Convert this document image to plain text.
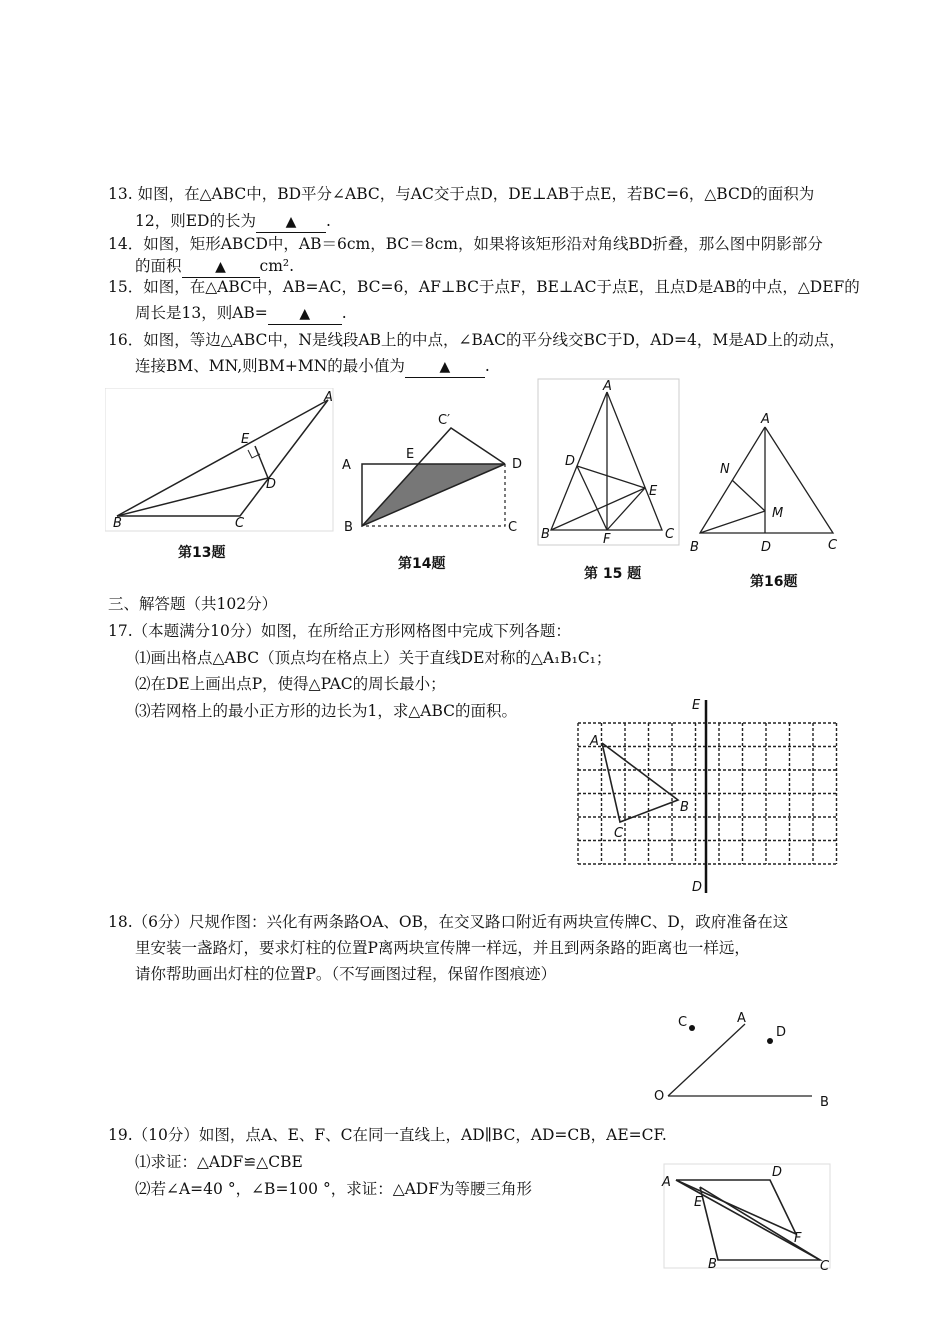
13. 如图，在△ABC中，BD平分∠ABC，与AC交于点D，DE⊥AB于点E，若BC=6，△BCD的面积为
12，则ED的长为 ▲ .
14．如图，矩形ABCD中，AB＝6cm，BC＝8cm，如果将该矩形沿对角线BD折叠，那么图中阴影部分
的面积 ▲ cm².
15．如图，在△ABC中，AB=AC，BC=6，AF⊥BC于点F，BE⊥AC于点E，且点D是AB的中点，△DEF的
周长是13，则AB= ▲ .
16．如图，等边△ABC中，N是线段AB上的中点，∠BAC的平分线交BC于D，AD=4，M是AD上的动点，
连接BM、MN,则BM+MN的最小值为 ▲ .
A
B	C
D
E
第13题
A
B	C
D
E
C′
第14题
A
B	C
D
E
F
第 15 题
A
B	C
D
N
M
第16题
三、解答题（共102分）
17.（本题满分10分）如图，在所给正方形网格图中完成下列各题：
⑴画出格点△ABC（顶点均在格点上）关于直线DE对称的△A₁B₁C₁；
⑵在DE上画出点P，使得△PAC的周长最小；
⑶若网格上的最小正方形的边长为1，求△ABC的面积。	E
D
A
B
C
18.（6分）尺规作图：兴化有两条路OA、OB，在交叉路口附近有两块宣传牌C、D，政府准备在这
里安装一盏路灯，要求灯柱的位置P离两块宣传牌一样远，并且到两条路的距离也一样远，
请你帮助画出灯柱的位置P。（不写画图过程，保留作图痕迹）
A
B
O
C
D
19.（10分）如图，点A、E、F、C在同一直线上，AD∥BC，AD=CB，AE=CF.
⑴求证：△ADF≌△CBE
⑵若∠A=40 °，∠B=100 °，求证：△ADF为等腰三角形	A
D
E
F
B	C
